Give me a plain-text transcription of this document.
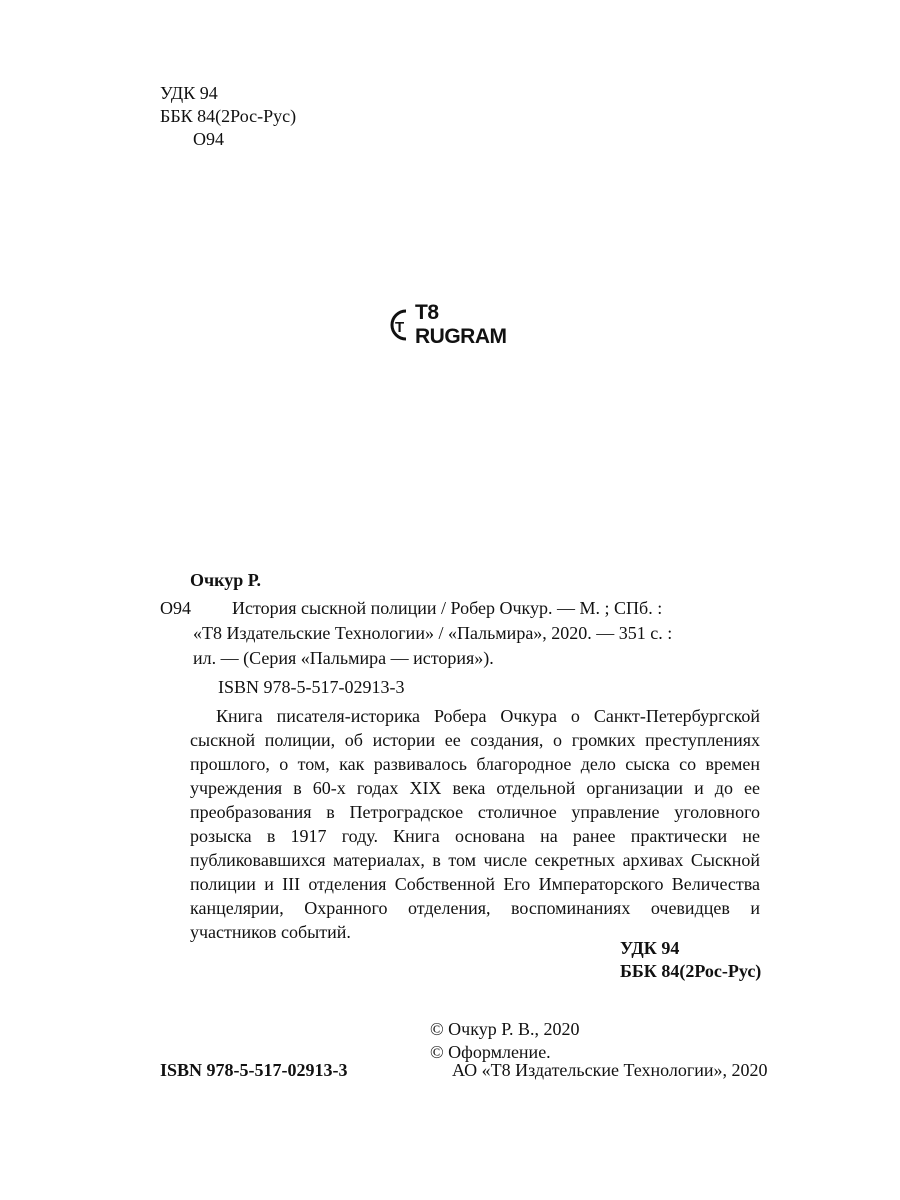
УДК 94
ББК 84(2Рос-Рус)
О94
T
T8 RUGRAM
Очкур Р.
О94 История сыскной полиции / Робер Очкур. — М. ; СПб. :
«Т8 Издательские Технологии» / «Пальмира», 2020. — 351 с. :
ил. — (Серия «Пальмира — история»).
ISBN 978-5-517-02913-3
Книга писателя-историка Робера Очкура о Санкт-Петербургской сыскной полиции, об истории ее создания, о громких преступлениях прошлого, о том, как развивалось благородное дело сыска со времен учреждения в 60-х годах XIX века отдельной организации и до ее преобразования в Петроградское столичное управление уголовного розыска в 1917 году. Книга основана на ранее практически не публиковавшихся материалах, в том числе секретных архивах Сыскной полиции и III отделения Собственной Его Императорского Величества канцелярии, Охранного отделения, воспоминаниях очевидцев и участников событий.
УДК 94
ББК 84(2Рос-Рус)
© Очкур Р. В., 2020
© Оформление.
ISBN 978-5-517-02913-3	АО «Т8 Издательские Технологии», 2020
